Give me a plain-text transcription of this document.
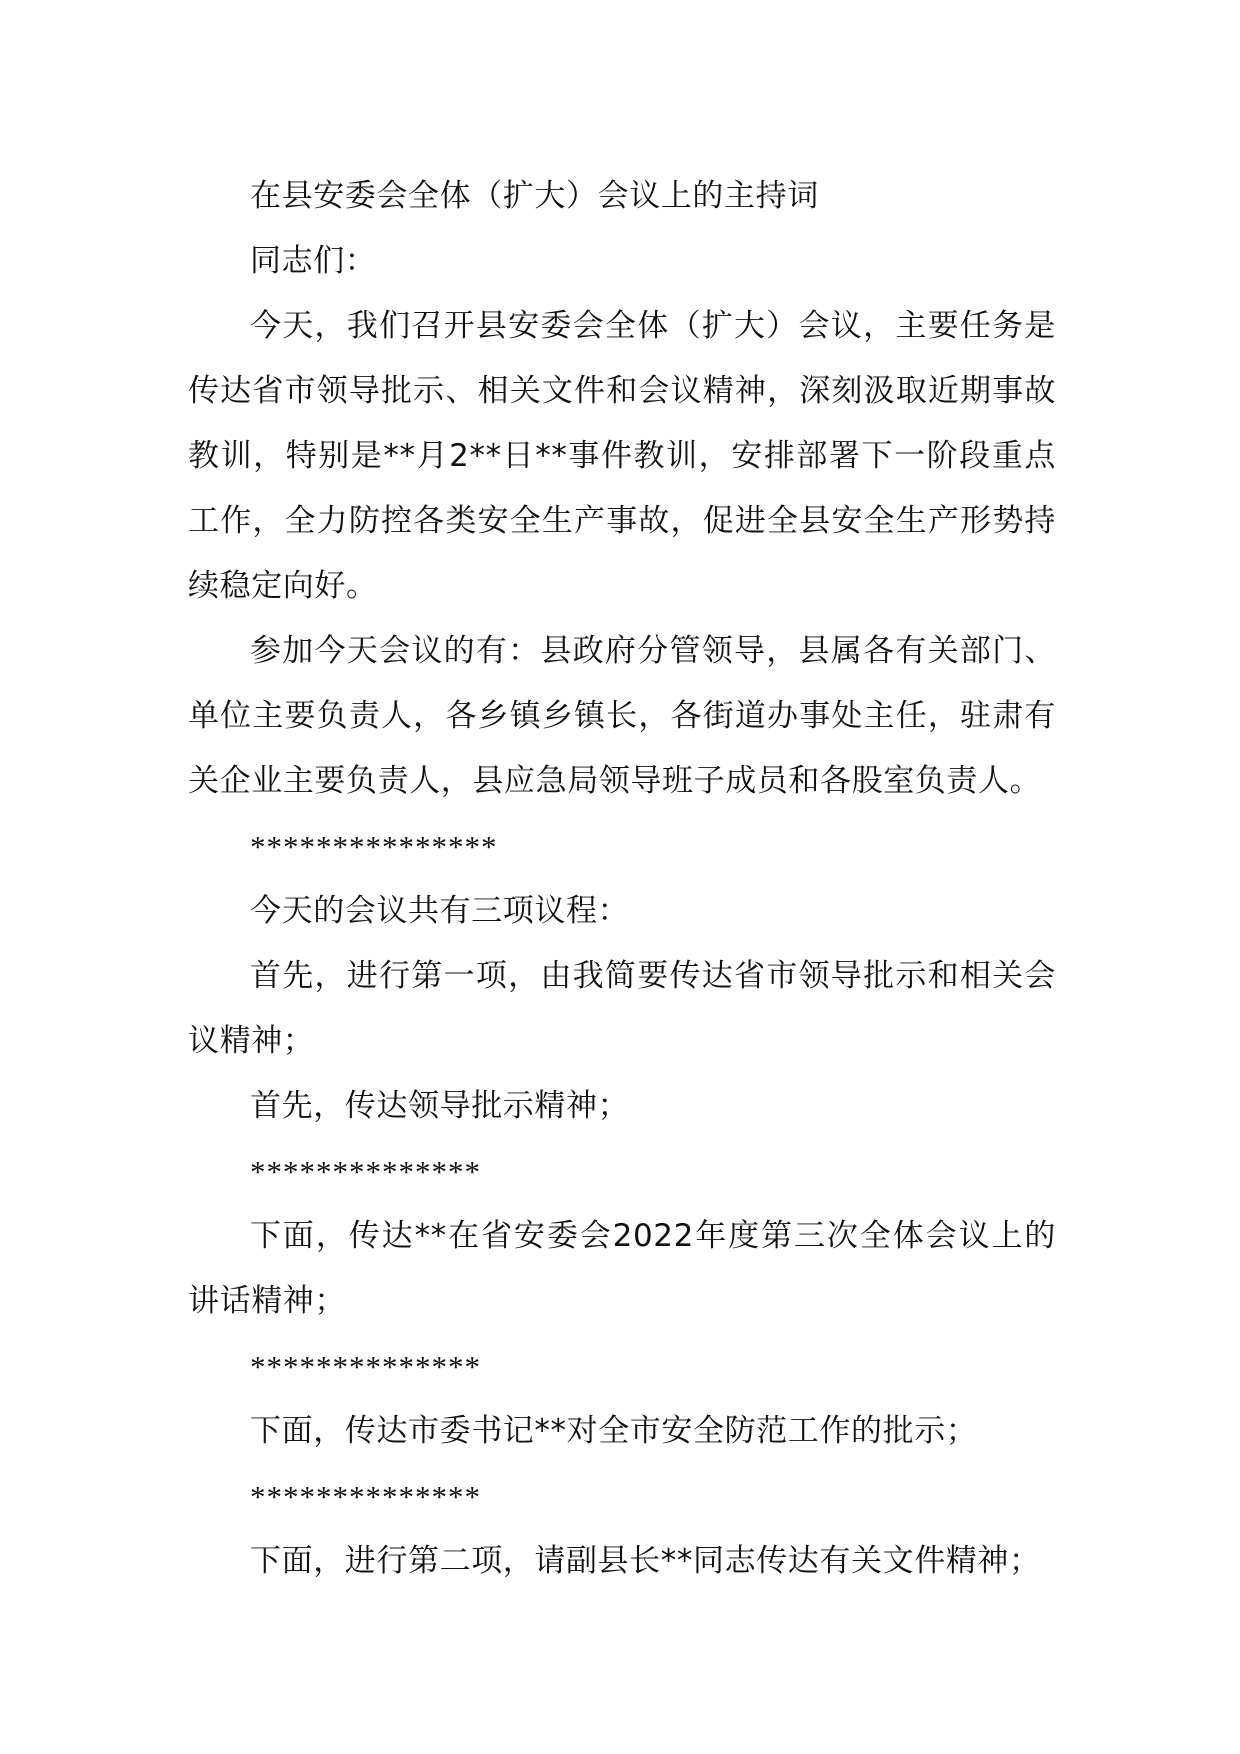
在县安委会全体（扩大）会议上的主持词

同志们：

今天，我们召开县安委会全体（扩大）会议，主要任务是传达省市领导批示、相关文件和会议精神，深刻汲取近期事故教训，特别是**月2**日**事件教训，安排部署下一阶段重点工作，全力防控各类安全生产事故，促进全县安全生产形势持续稳定向好。

参加今天会议的有：县政府分管领导，县属各有关部门、单位主要负责人，各乡镇乡镇长，各街道办事处主任，驻肃有关企业主要负责人，县应急局领导班子成员和各股室负责人。

***************

今天的会议共有三项议程：

首先，进行第一项，由我简要传达省市领导批示和相关会议精神；

首先，传达领导批示精神；

**************

下面，传达**在省安委会2022年度第三次全体会议上的讲话精神；

**************

下面，传达市委书记**对全市安全防范工作的批示；

**************

下面，进行第二项，请副县长**同志传达有关文件精神；
